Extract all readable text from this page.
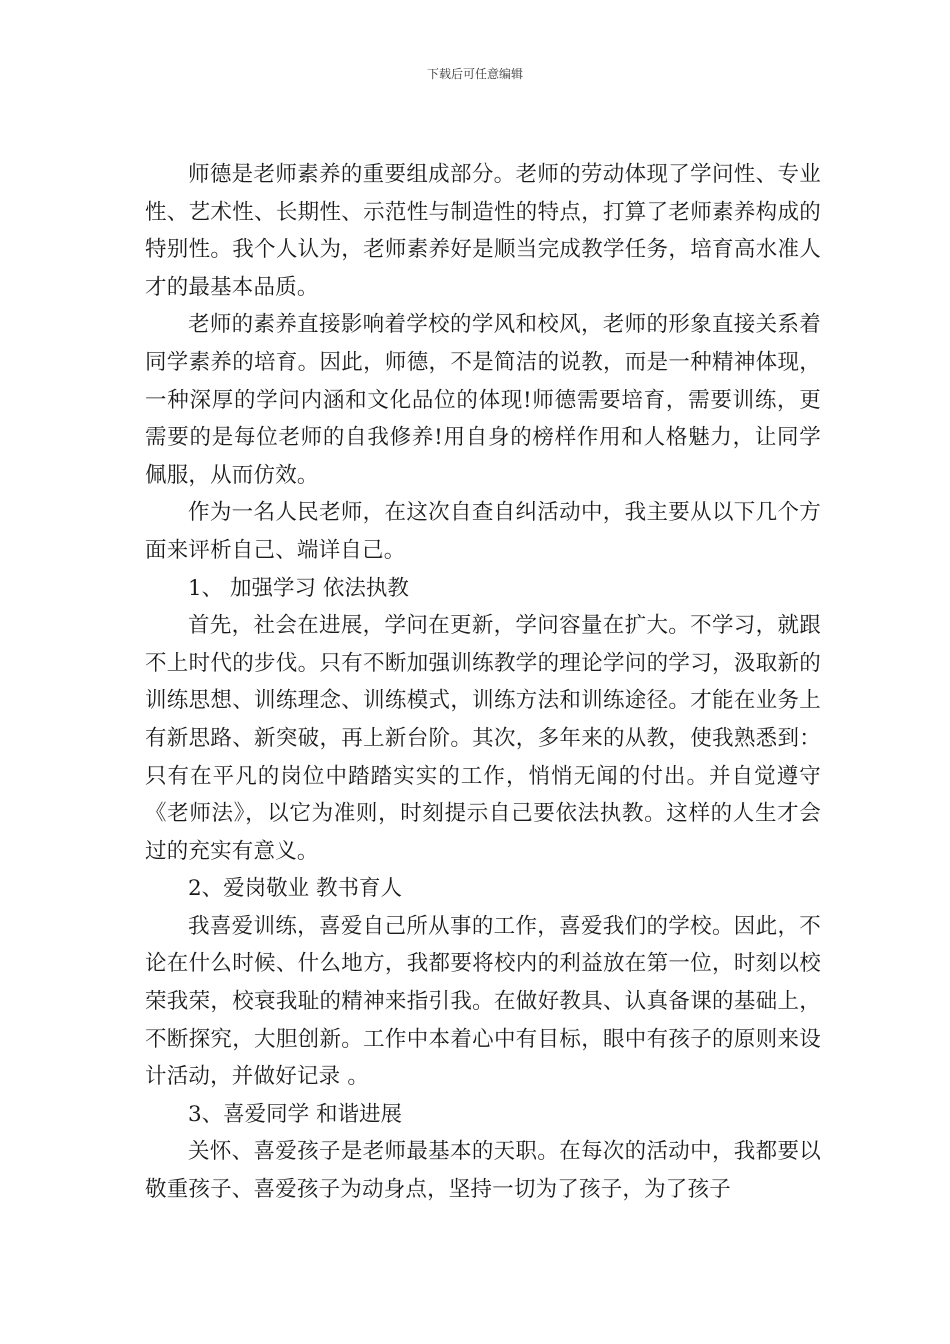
下载后可任意编辑

师德是老师素养的重要组成部分。老师的劳动体现了学问性、专业性、艺术性、长期性、示范性与制造性的特点，打算了老师素养构成的特别性。我个人认为，老师素养好是顺当完成教学任务，培育高水准人才的最基本品质。

老师的素养直接影响着学校的学风和校风，老师的形象直接关系着同学素养的培育。因此，师德，不是简洁的说教，而是一种精神体现，一种深厚的学问内涵和文化品位的体现!师德需要培育，需要训练，更需要的是每位老师的自我修养!用自身的榜样作用和人格魅力，让同学佩服，从而仿效。

作为一名人民老师，在这次自查自纠活动中，我主要从以下几个方面来评析自己、端详自己。

1、 加强学习 依法执教

首先，社会在进展，学问在更新，学问容量在扩大。不学习，就跟不上时代的步伐。只有不断加强训练教学的理论学问的学习，汲取新的训练思想、训练理念、训练模式，训练方法和训练途径。才能在业务上有新思路、新突破，再上新台阶。其次，多年来的从教，使我熟悉到：只有在平凡的岗位中踏踏实实的工作，悄悄无闻的付出。并自觉遵守《老师法》，以它为准则，时刻提示自己要依法执教。这样的人生才会过的充实有意义。

2、爱岗敬业 教书育人

我喜爱训练，喜爱自己所从事的工作，喜爱我们的学校。因此，不论在什么时候、什么地方，我都要将校内的利益放在第一位，时刻以校荣我荣，校衰我耻的精神来指引我。在做好教具、认真备课的基础上，不断探究，大胆创新。工作中本着心中有目标，眼中有孩子的原则来设计活动，并做好记录 。

3、喜爱同学 和谐进展

关怀、喜爱孩子是老师最基本的天职。在每次的活动中，我都要以敬重孩子、喜爱孩子为动身点，坚持一切为了孩子，为了孩子
